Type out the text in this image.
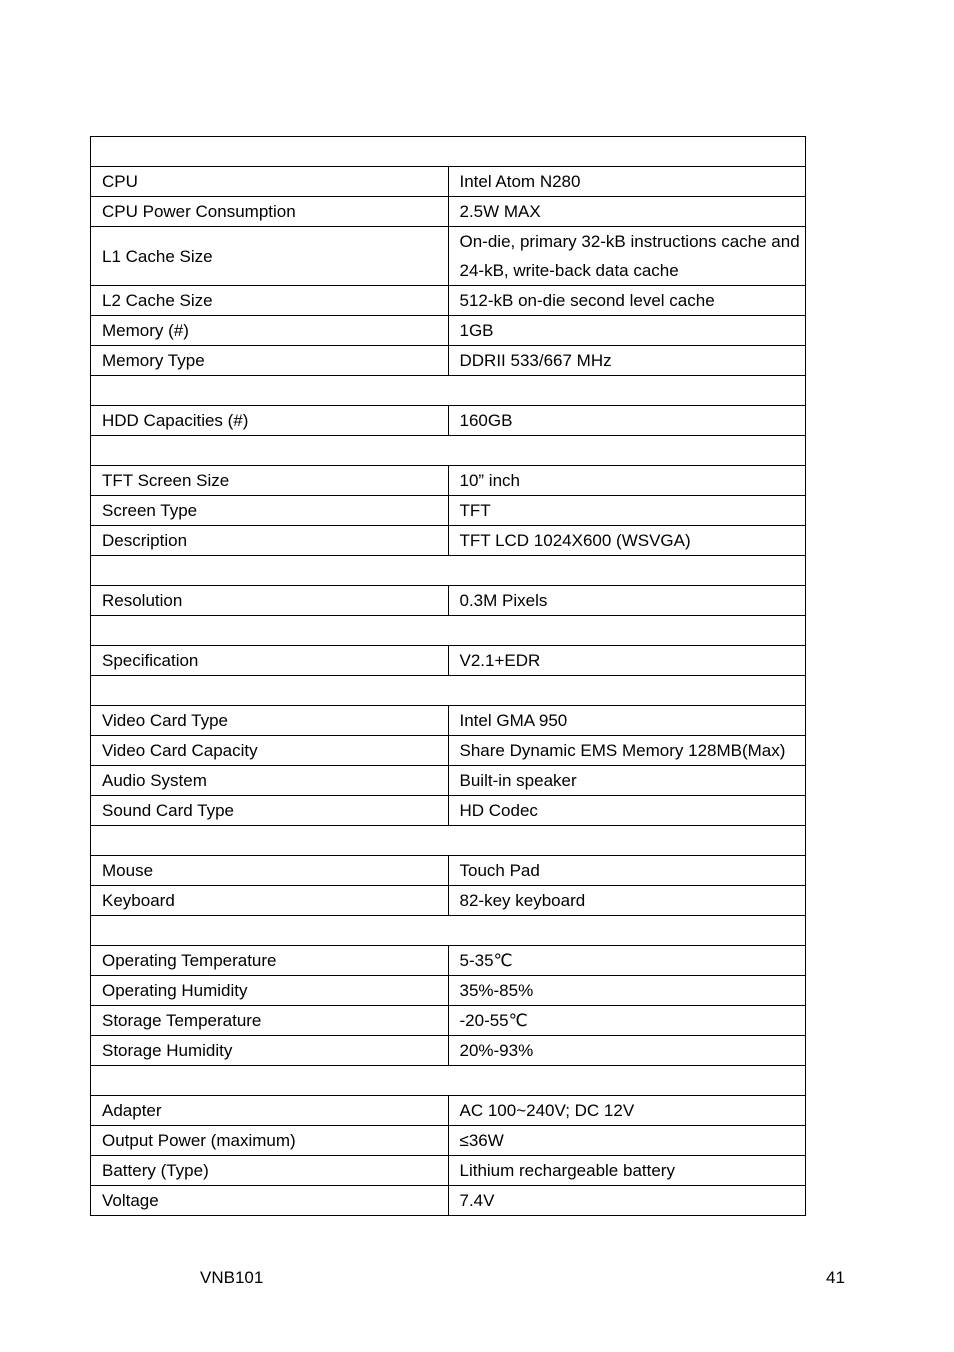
CPU	Intel Atom N280
CPU Power Consumption	2.5W MAX
L1 Cache Size	On-die, primary 32-kB instructions cache and
24-kB, write-back data cache

L2 Cache Size	512-kB on-die second level cache
Memory (#)	1GB
Memory Type	DDRII 533/667 MHz

HDD Capacities (#)	160GB

TFT Screen Size	10” inch
Screen Type	TFT
Description	TFT LCD 1024X600 (WSVGA)

Resolution	0.3M Pixels

Specification	V2.1+EDR

Video Card Type	Intel GMA 950
Video Card Capacity	Share Dynamic EMS Memory 128MB(Max)
Audio System	Built-in speaker
Sound Card Type	HD Codec

Mouse	Touch Pad
Keyboard	82-key keyboard

Operating Temperature	5-35℃
Operating Humidity	35%-85%
Storage Temperature	-20-55℃
Storage Humidity	20%-93%

Adapter	AC 100~240V; DC 12V
Output Power (maximum)	≤36W
Battery (Type)	Lithium rechargeable battery
Voltage	7.4V
VNB101	41
